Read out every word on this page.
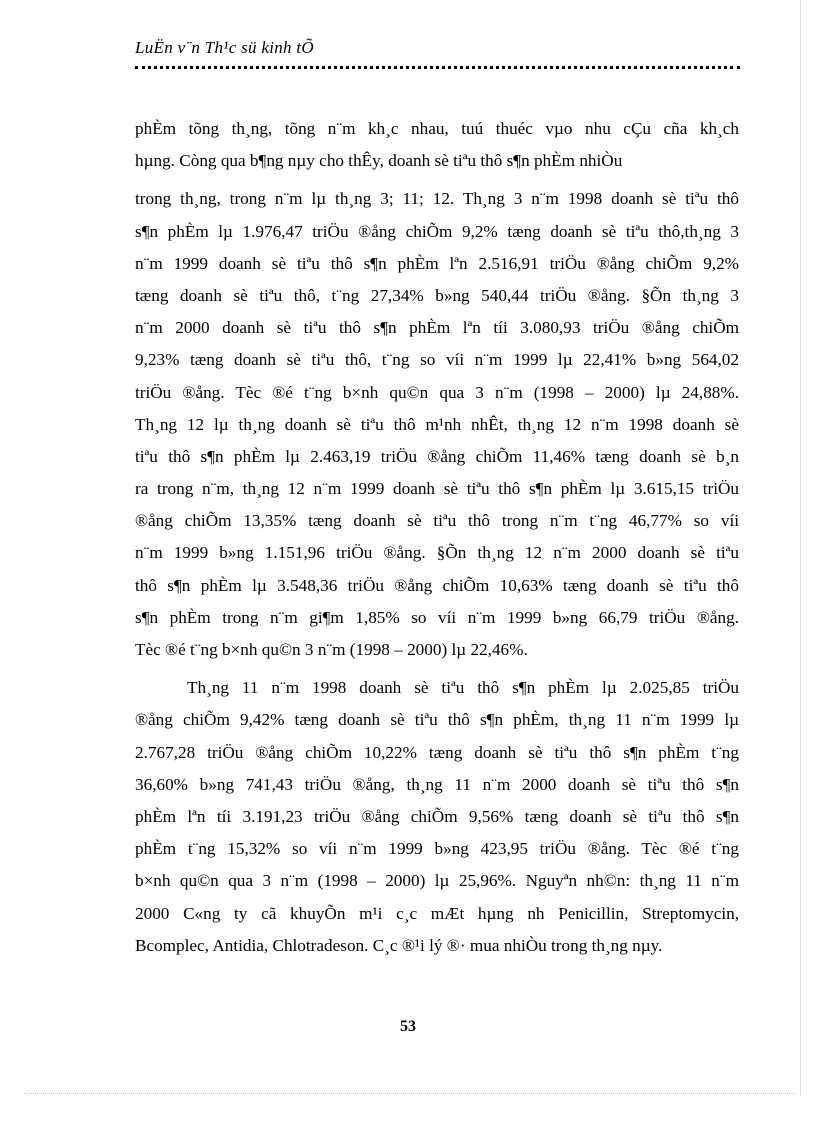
LuËn v¨n Th¹c sü kinh tÕ
phÈm tõng th¸ng, tõng n¨m kh¸c nhau, tuú thuéc vµo nhu cÇu cña kh¸ch
hµng. Còng qua b¶ng nµy cho thÊy, doanh sè tiªu thô s¶n phÈm nhiÒu
trong th¸ng, trong n¨m lµ th¸ng 3; 11; 12. Th¸ng 3 n¨m 1998 doanh sè tiªu thô
s¶n phÈm lµ 1.976,47 triÖu ®ång chiÕm 9,2% tæng doanh sè tiªu thô,th¸ng 3
n¨m 1999 doanh sè tiªu thô s¶n phÈm lªn 2.516,91 triÖu ®ång chiÕm 9,2%
tæng doanh sè tiªu thô, t¨ng 27,34% b»ng 540,44 triÖu ®ång. §Õn th¸ng 3
n¨m 2000 doanh sè tiªu thô s¶n phÈm lªn tíi 3.080,93 triÖu ®ång chiÕm
9,23% tæng doanh sè tiªu thô, t¨ng so víi n¨m 1999 lµ 22,41% b»ng 564,02
triÖu ®ång. Tèc ®é t¨ng b×nh qu©n qua 3 n¨m (1998 – 2000) lµ 24,88%.
Th¸ng 12 lµ th¸ng doanh sè tiªu thô m¹nh nhÊt, th¸ng 12 n¨m 1998 doanh sè
tiªu thô s¶n phÈm lµ 2.463,19 triÖu ®ång chiÕm 11,46% tæng doanh sè b¸n
ra trong n¨m, th¸ng 12 n¨m 1999 doanh sè tiªu thô s¶n phÈm lµ 3.615,15 triÖu
®ång chiÕm 13,35% tæng doanh sè tiªu thô trong n¨m t¨ng 46,77% so víi
n¨m 1999 b»ng 1.151,96 triÖu ®ång. §Õn th¸ng 12 n¨m 2000 doanh sè tiªu
thô s¶n phÈm lµ 3.548,36 triÖu ®ång chiÕm 10,63% tæng doanh sè tiªu thô
s¶n phÈm trong n¨m gi¶m 1,85% so víi n¨m 1999 b»ng 66,79 triÖu ®ång.
Tèc ®é t¨ng b×nh qu©n 3 n¨m (1998 – 2000) lµ 22,46%.
Th¸ng 11 n¨m 1998 doanh sè tiªu thô s¶n phÈm lµ 2.025,85 triÖu
®ång chiÕm 9,42% tæng doanh sè tiªu thô s¶n phÈm, th¸ng 11 n¨m 1999 lµ
2.767,28 triÖu ®ång chiÕm 10,22% tæng doanh sè tiªu thô s¶n phÈm t¨ng
36,60% b»ng 741,43 triÖu ®ång, th¸ng 11 n¨m 2000 doanh sè tiªu thô s¶n
phÈm lªn tíi 3.191,23 triÖu ®ång chiÕm 9,56% tæng doanh sè tiªu thô s¶n
phÈm t¨ng 15,32% so víi n¨m 1999 b»ng 423,95 triÖu ®ång. Tèc ®é t¨ng
b×nh qu©n qua 3 n¨m (1998 – 2000) lµ 25,96%. Nguyªn nh©n: th¸ng 11 n¨m
2000 C«ng ty cã khuyÕn m¹i c¸c mÆt hµng nh Penicillin, Streptomycin,
Bcomplec, Antidia, Chlotradeson. C¸c ®¹i lý ®· mua nhiÒu trong th¸ng nµy.
53
